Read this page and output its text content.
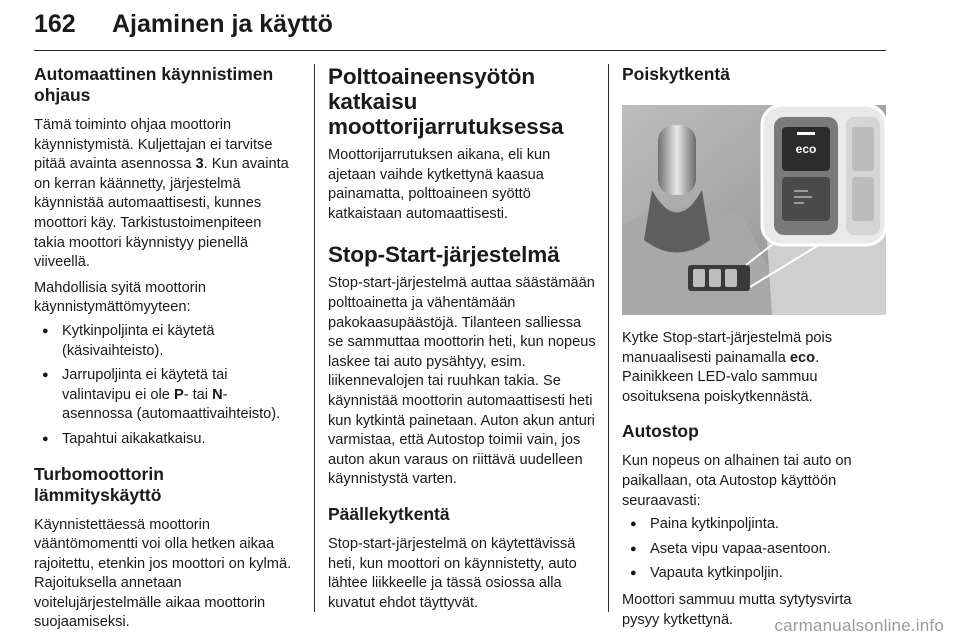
162 Ajaminen ja käyttö
Automaattinen käynnistimen ohjaus

Tämä toiminto ohjaa moottorin käynnistymistä. Kuljettajan ei tarvitse pitää avainta asennossa 3. Kun avainta on kerran käännetty, järjestelmä käynnistää automaattisesti, kunnes moottori käy. Tarkistustoimenpiteen takia moottori käynnistyy pienellä viiveellä.

Mahdollisia syitä moottorin käynnistymättömyyteen:

● Kytkinpoljinta ei käytetä (käsivaihteisto).
● Jarrupoljinta ei käytetä tai valintavipu ei ole P- tai N-asennossa (automaattivaihteisto).
● Tapahtui aikakatkaisu.
Turbomoottorin lämmityskäyttö

Käynnistettäessä moottorin vääntömomentti voi olla hetken aikaa rajoitettu, etenkin jos moottori on kylmä. Rajoituksella annetaan voitelujärjestelmälle aikaa moottorin suojaamiseksi.

Polttoaineensyötön katkaisu moottorijarrutuksessa

Moottorijarrutuksen aikana, eli kun ajetaan vaihde kytkettynä kaasua painamatta, polttoaineen syöttö katkaistaan automaattisesti.

Stop-Start-järjestelmä

Stop-start-järjestelmä auttaa säästämään polttoainetta ja vähentämään pakokaasupäästöjä. Tilanteen salliessa se sammuttaa moottorin heti, kun nopeus laskee tai auto pysähtyy, esim. liikennevalojen tai ruuhkan takia. Se käynnistää moottorin automaattisesti heti kun kytkintä painetaan. Auton akun anturi varmistaa, että Autostop toimii vain, jos auton akun varaus on riittävä uudelleen käynnistystä varten.

Päällekytkentä

Stop-start-järjestelmä on käytettävissä heti, kun moottori on käynnistetty, auto lähtee liikkeelle ja tässä osiossa alla kuvatut ehdot täyttyvät.

Poiskytkentä
eco

Kytke Stop-start-järjestelmä pois manuaalisesti painamalla eco. Painikkeen LED-valo sammuu osoituksena poiskytkennästä.

Autostop

Kun nopeus on alhainen tai auto on paikallaan, ota Autostop käyttöön seuraavasti:

● Paina kytkinpoljinta.
● Aseta vipu vapaa-asentoon.
● Vapauta kytkinpoljin.

Moottori sammuu mutta sytytysvirta pysyy kytkettynä.	carmanualsonline.info
